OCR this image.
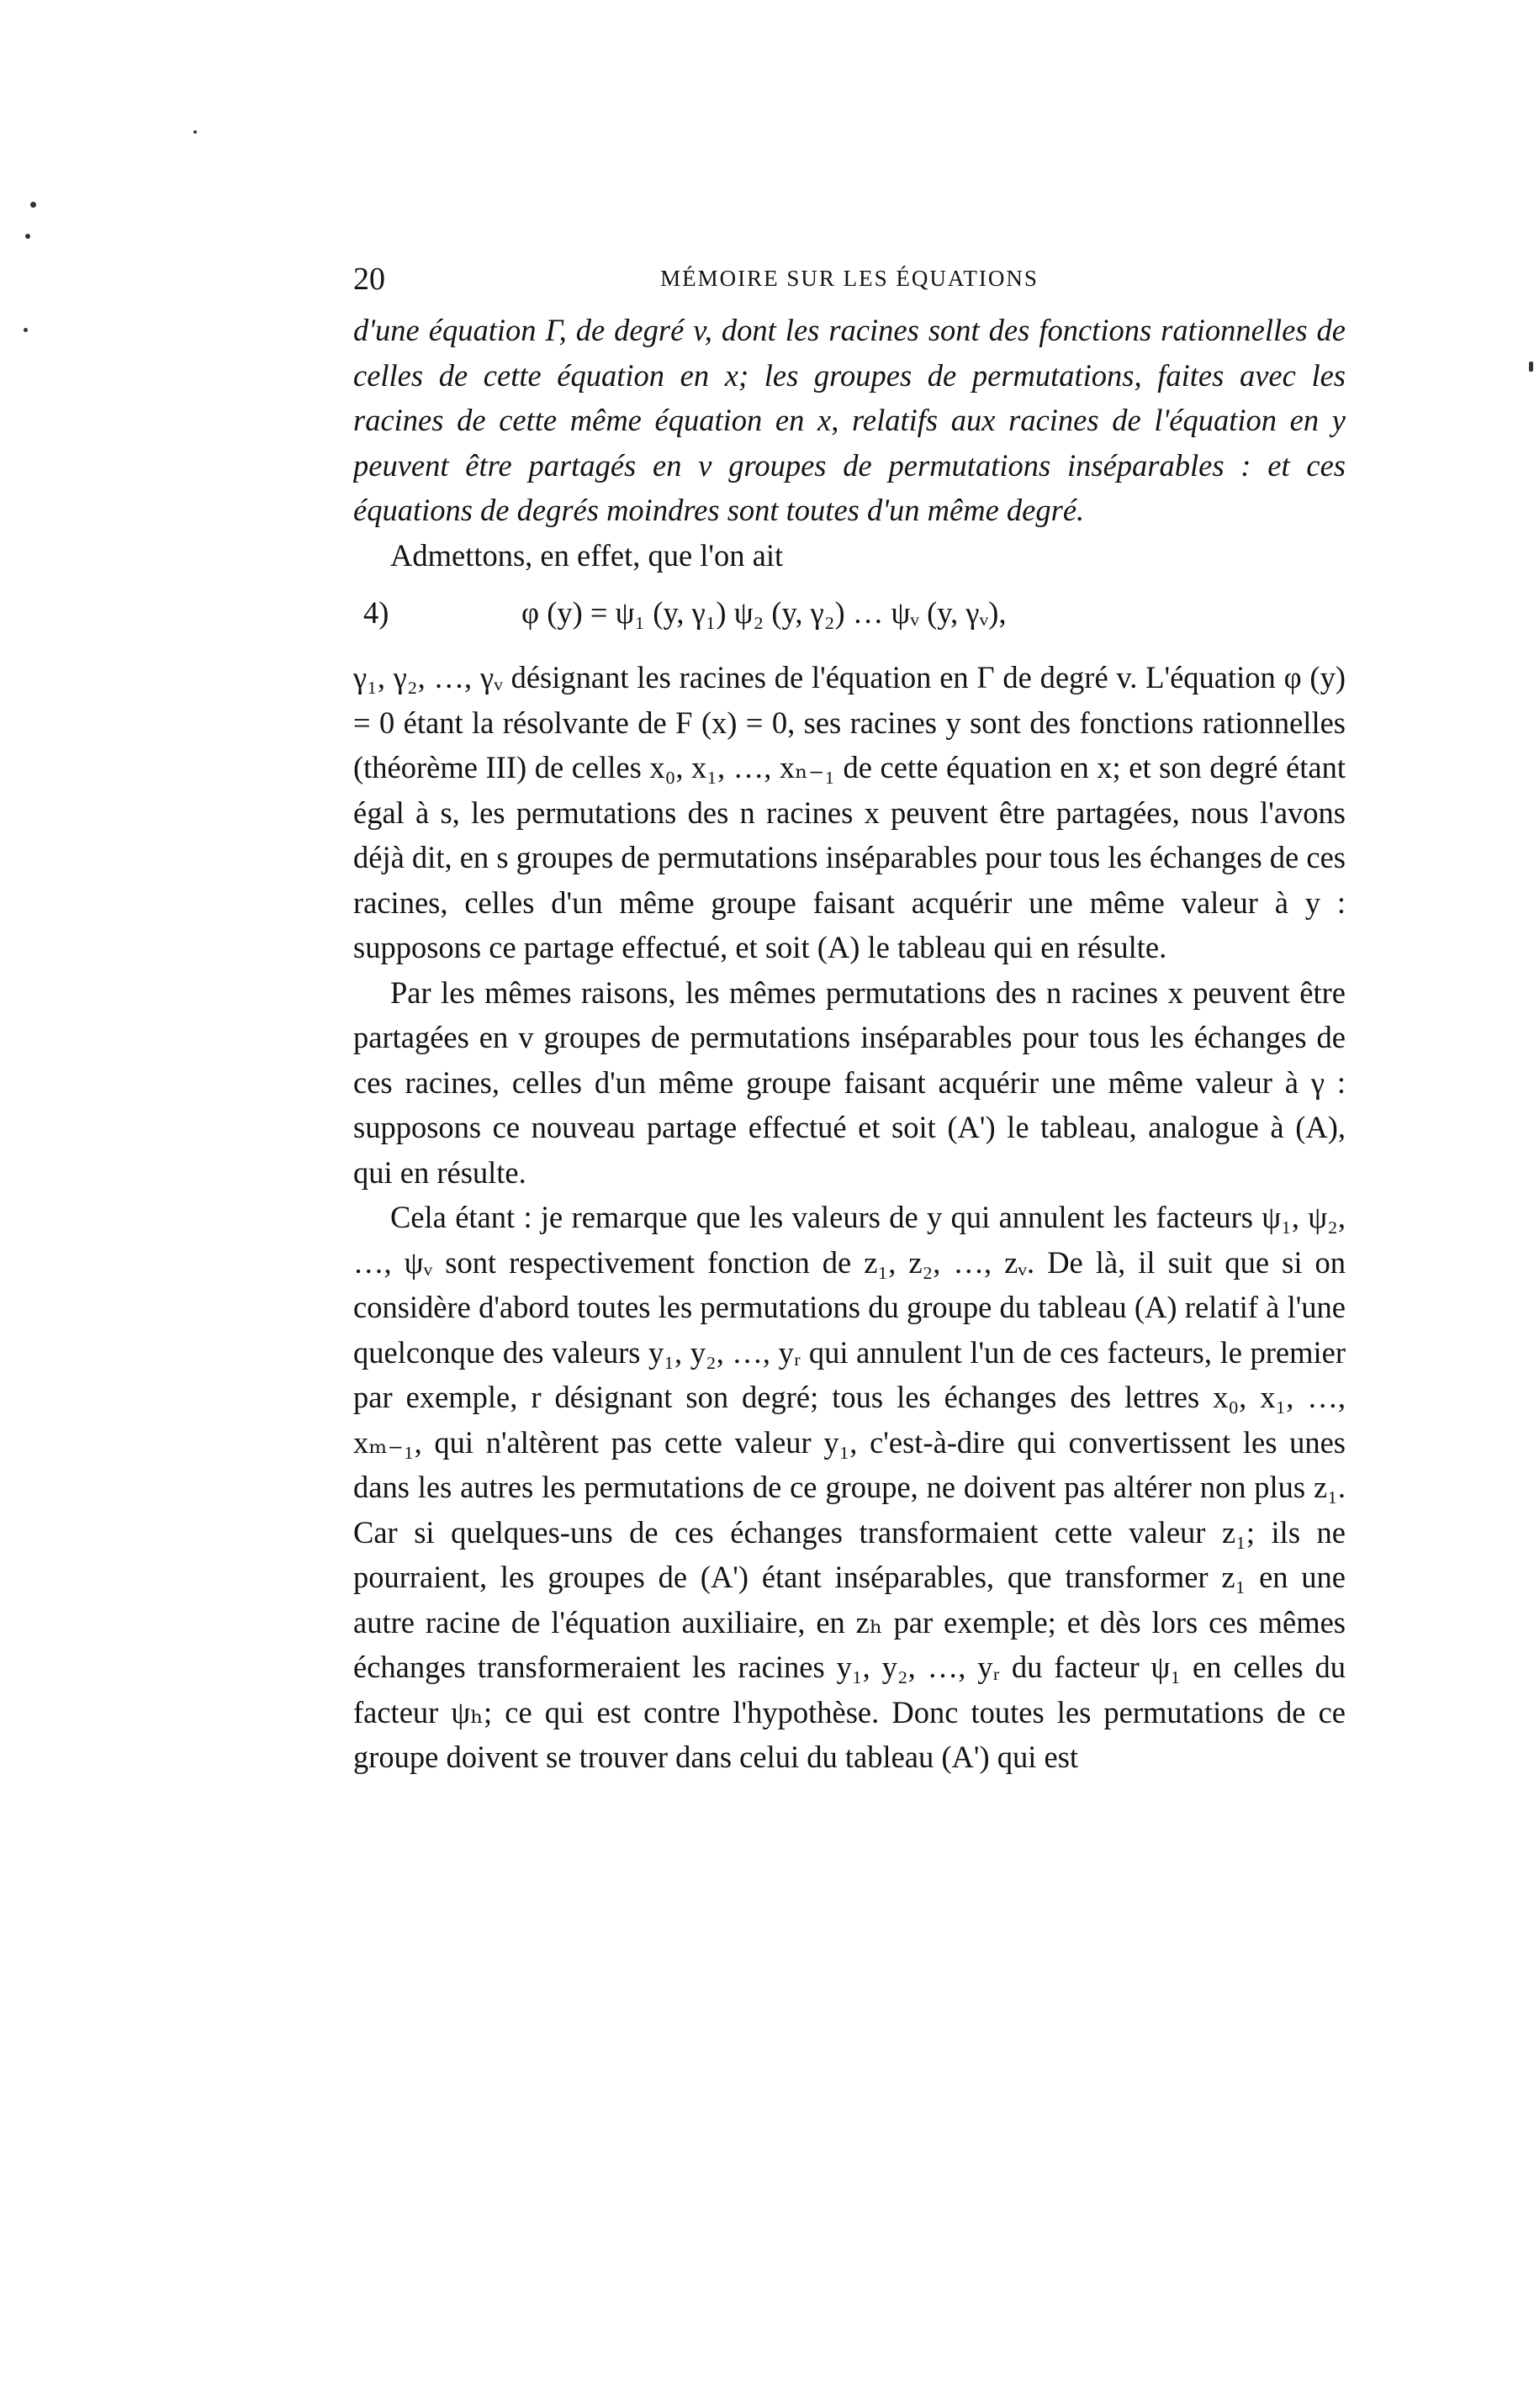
20	MÉMOIRE SUR LES ÉQUATIONS

d'une équation Γ, de degré v, dont les racines sont des fonctions rationnelles de celles de cette équation en x; les groupes de permutations, faites avec les racines de cette même équation en x, relatifs aux racines de l'équation en y peuvent être partagés en v groupes de permutations inséparables : et ces équations de degrés moindres sont toutes d'un même degré.

Admettons, en effet, que l'on ait

4)	φ (y) = ψ₁ (y, γ₁) ψ₂ (y, γ₂) … ψᵥ (y, γᵥ),

γ₁, γ₂, …, γᵥ désignant les racines de l'équation en Γ de degré v. L'équation φ (y) = 0 étant la résolvante de F (x) = 0, ses racines y sont des fonctions rationnelles (théorème III) de celles x₀, x₁, …, xₙ₋₁ de cette équation en x; et son degré étant égal à s, les permutations des n racines x peuvent être partagées, nous l'avons déjà dit, en s groupes de permutations inséparables pour tous les échanges de ces racines, celles d'un même groupe faisant acquérir une même valeur à y : supposons ce partage effectué, et soit (A) le tableau qui en résulte.

Par les mêmes raisons, les mêmes permutations des n racines x peuvent être partagées en v groupes de permutations inséparables pour tous les échanges de ces racines, celles d'un même groupe faisant acquérir une même valeur à γ : supposons ce nouveau partage effectué et soit (A') le tableau, analogue à (A), qui en résulte.

Cela étant : je remarque que les valeurs de y qui annulent les facteurs ψ₁, ψ₂, …, ψᵥ sont respectivement fonction de z₁, z₂, …, zᵥ. De là, il suit que si on considère d'abord toutes les permutations du groupe du tableau (A) relatif à l'une quelconque des valeurs y₁, y₂, …, yᵣ qui annulent l'un de ces facteurs, le premier par exemple, r désignant son degré; tous les échanges des lettres x₀, x₁, …, xₘ₋₁, qui n'altèrent pas cette valeur y₁, c'est-à-dire qui convertissent les unes dans les autres les permutations de ce groupe, ne doivent pas altérer non plus z₁. Car si quelques-uns de ces échanges transformaient cette valeur z₁; ils ne pourraient, les groupes de (A') étant inséparables, que transformer z₁ en une autre racine de l'équation auxiliaire, en zₕ par exemple; et dès lors ces mêmes échanges transformeraient les racines y₁, y₂, …, yᵣ du facteur ψ₁ en celles du facteur ψₕ; ce qui est contre l'hypothèse. Donc toutes les permutations de ce groupe doivent se trouver dans celui du tableau (A') qui est
